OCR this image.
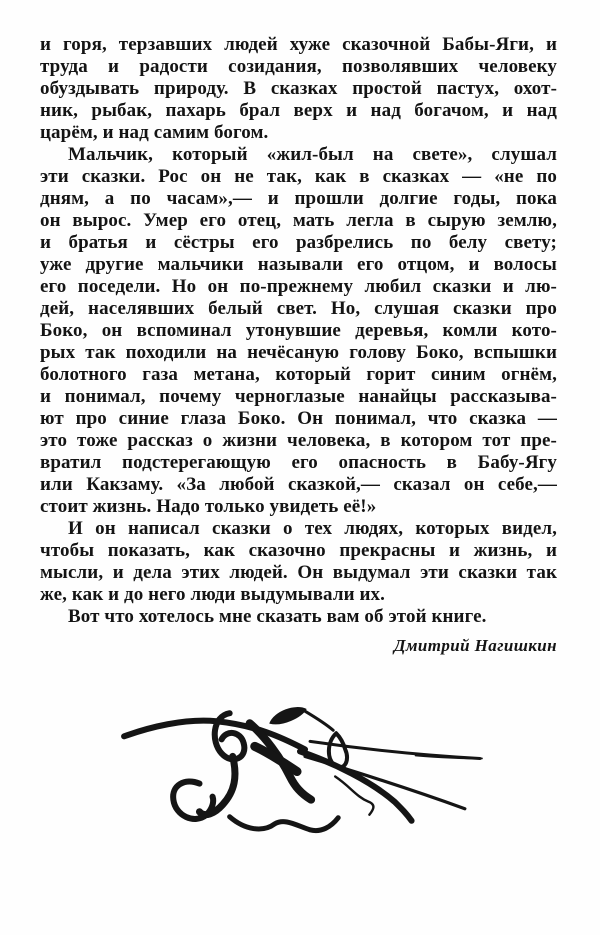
и горя, терзавших людей хуже сказочной Бабы-Яги, и
труда и радости созидания, позволявших человеку
обуздывать природу. В сказках простой пастух, охот-
ник, рыбак, пахарь брал верх и над богачом, и над
царём, и над самим богом.
Мальчик, который «жил-был на свете», слушал
эти сказки. Рос он не так, как в сказках — «не по
дням, а по часам»,— и прошли долгие годы, пока
он вырос. Умер его отец, мать легла в сырую землю,
и братья и сёстры его разбрелись по белу свету;
уже другие мальчики называли его отцом, и волосы
его поседели. Но он по-прежнему любил сказки и лю-
дей, населявших белый свет. Но, слушая сказки про
Боко, он вспоминал утонувшие деревья, комли кото-
рых так походили на нечёсаную голову Боко, вспышки
болотного газа метана, который горит синим огнём,
и понимал, почему черноглазые нанайцы рассказыва-
ют про синие глаза Боко. Он понимал, что сказка —
это тоже рассказ о жизни человека, в котором тот пре-
вратил подстерегающую его опасность в Бабу-Ягу
или Какзаму. «За любой сказкой,— сказал он себе,—
стоит жизнь. Надо только увидеть её!»
И он написал сказки о тех людях, которых видел,
чтобы показать, как сказочно прекрасны и жизнь, и
мысли, и дела этих людей. Он выдумал эти сказки так
же, как и до него люди выдумывали их.
Вот что хотелось мне сказать вам об этой книге.
Дмитрий Нагишкин
